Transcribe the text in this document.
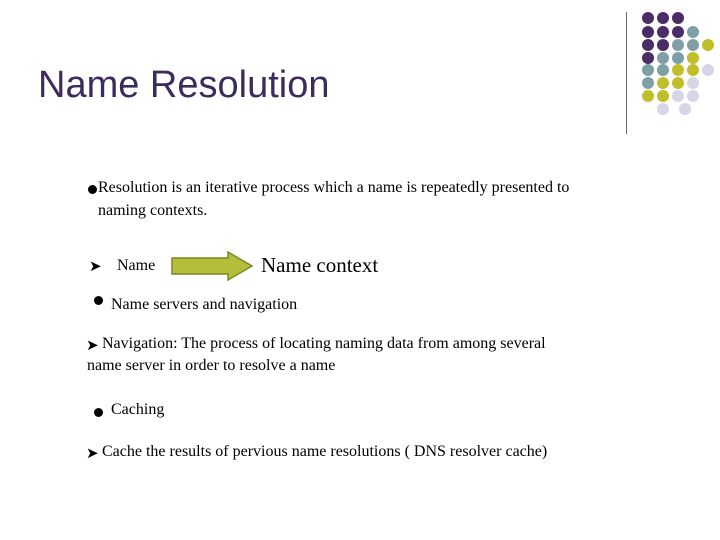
Name Resolution
Resolution is an iterative process which a name is repeatedly presented to
naming contexts.
➤ Name	Name context
Name servers and navigation
➤ Navigation: The process of locating naming data from among several
name server in order to resolve a name
Caching
➤ Cache the results of pervious name resolutions ( DNS resolver cache)
